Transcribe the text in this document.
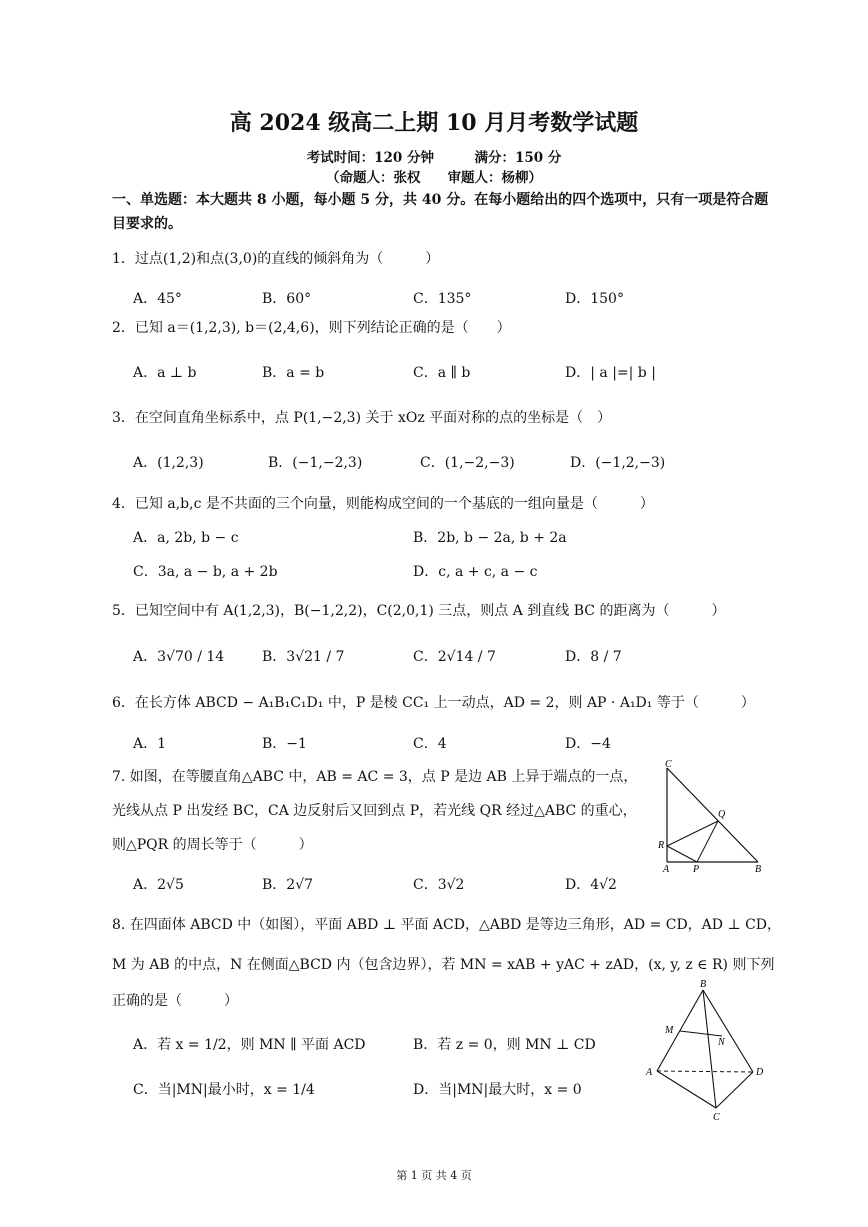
高 2024 级高二上期 10 月月考数学试题
考试时间：120 分钟　　　满分：150 分
（命题人：张权　　审题人：杨柳）
一、单选题：本大题共 8 小题，每小题 5 分，共 40 分。在每小题给出的四个选项中，只有一项是符合题目要求的。
1．过点(1,2)和点(3,0)的直线的倾斜角为（　　　）
A．45°	B．60°	C．135°	D．150°
2．已知 a＝(1,2,3), b＝(2,4,6)，则下列结论正确的是（　　）
A．a ⊥ b	B．a = b	C．a ∥ b	D．| a |=| b |
3．在空间直角坐标系中，点 P(1,−2,3) 关于 xOz 平面对称的点的坐标是（　）
A．(1,2,3)	B．(−1,−2,3)	C．(1,−2,−3)	D．(−1,2,−3)
4．已知 a,b,c 是不共面的三个向量，则能构成空间的一个基底的一组向量是（　　　）
A．a, 2b, b − c	B．2b, b − 2a, b + 2a
C．3a, a − b, a + 2b	D．c, a + c, a − c
5．已知空间中有 A(1,2,3)，B(−1,2,2)，C(2,0,1) 三点，则点 A 到直线 BC 的距离为（　　　）
A．3√70 / 14	B．3√21 / 7	C．2√14 / 7	D．8 / 7
6．在长方体 ABCD − A₁B₁C₁D₁ 中，P 是棱 CC₁ 上一动点，AD = 2，则 AP · A₁D₁ 等于（　　　）
A．1	B．−1	C．4	D．−4
7. 如图，在等腰直角△ABC 中，AB = AC = 3，点 P 是边 AB 上异于端点的一点，
光线从点 P 出发经 BC，CA 边反射后又回到点 P，若光线 QR 经过△ABC 的重心，
则△PQR 的周长等于（　　　）
A．2√5	B．2√7	C．3√2	D．4√2
C
Q
R
A P	B
8. 在四面体 ABCD 中（如图），平面 ABD ⊥ 平面 ACD，△ABD 是等边三角形，AD = CD，AD ⊥ CD，
M 为 AB 的中点，N 在侧面△BCD 内（包含边界），若 MN = xAB + yAC + zAD，(x, y, z ∈ R) 则下列
正确的是（　　　）
A．若 x = 1/2，则 MN ∥ 平面 ACD	B．若 z = 0，则 MN ⊥ CD
C．当|MN|最小时，x = 1/4	D．当|MN|最大时，x = 0
B
M
N
A	D
C
第 1 页 共 4 页
